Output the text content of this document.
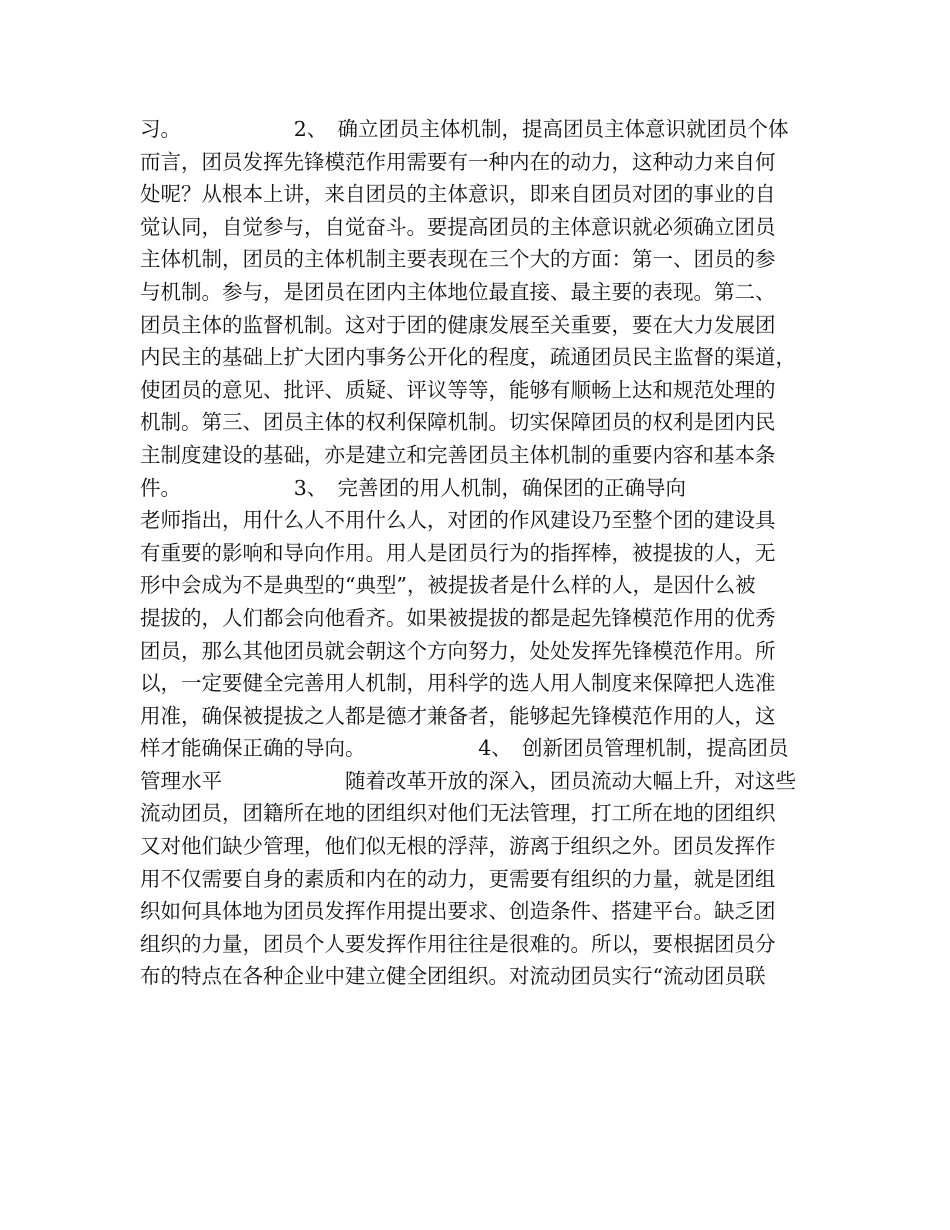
习。　　　　　　2、　确立团员主体机制，提高团员主体意识就团员个体
而言，团员发挥先锋模范作用需要有一种内在的动力，这种动力来自何
处呢？从根本上讲，来自团员的主体意识，即来自团员对团的事业的自
觉认同，自觉参与，自觉奋斗。要提高团员的主体意识就必须确立团员
主体机制，团员的主体机制主要表现在三个大的方面：第一、团员的参
与机制。参与，是团员在团内主体地位最直接、最主要的表现。第二、
团员主体的监督机制。这对于团的健康发展至关重要，要在大力发展团
内民主的基础上扩大团内事务公开化的程度，疏通团员民主监督的渠道，
使团员的意见、批评、质疑、评议等等，能够有顺畅上达和规范处理的
机制。第三、团员主体的权利保障机制。切实保障团员的权利是团内民
主制度建设的基础，亦是建立和完善团员主体机制的重要内容和基本条
件。　　　　　　3、　完善团的用人机制，确保团的正确导向
老师指出，用什么人不用什么人，对团的作风建设乃至整个团的建设具
有重要的影响和导向作用。用人是团员行为的指挥棒，被提拔的人，无
形中会成为不是典型的“典型”，被提拔者是什么样的人，是因什么被
提拔的，人们都会向他看齐。如果被提拔的都是起先锋模范作用的优秀
团员，那么其他团员就会朝这个方向努力，处处发挥先锋模范作用。所
以，一定要健全完善用人机制，用科学的选人用人制度来保障把人选准
用准，确保被提拔之人都是德才兼备者，能够起先锋模范作用的人，这
样才能确保正确的导向。　　　　　　4、　创新团员管理机制，提高团员
管理水平　　　　　　随着改革开放的深入，团员流动大幅上升，对这些
流动团员，团籍所在地的团组织对他们无法管理，打工所在地的团组织
又对他们缺少管理，他们似无根的浮萍，游离于组织之外。团员发挥作
用不仅需要自身的素质和内在的动力，更需要有组织的力量，就是团组
织如何具体地为团员发挥作用提出要求、创造条件、搭建平台。缺乏团
组织的力量，团员个人要发挥作用往往是很难的。所以，要根据团员分
布的特点在各种企业中建立健全团组织。对流动团员实行“流动团员联
